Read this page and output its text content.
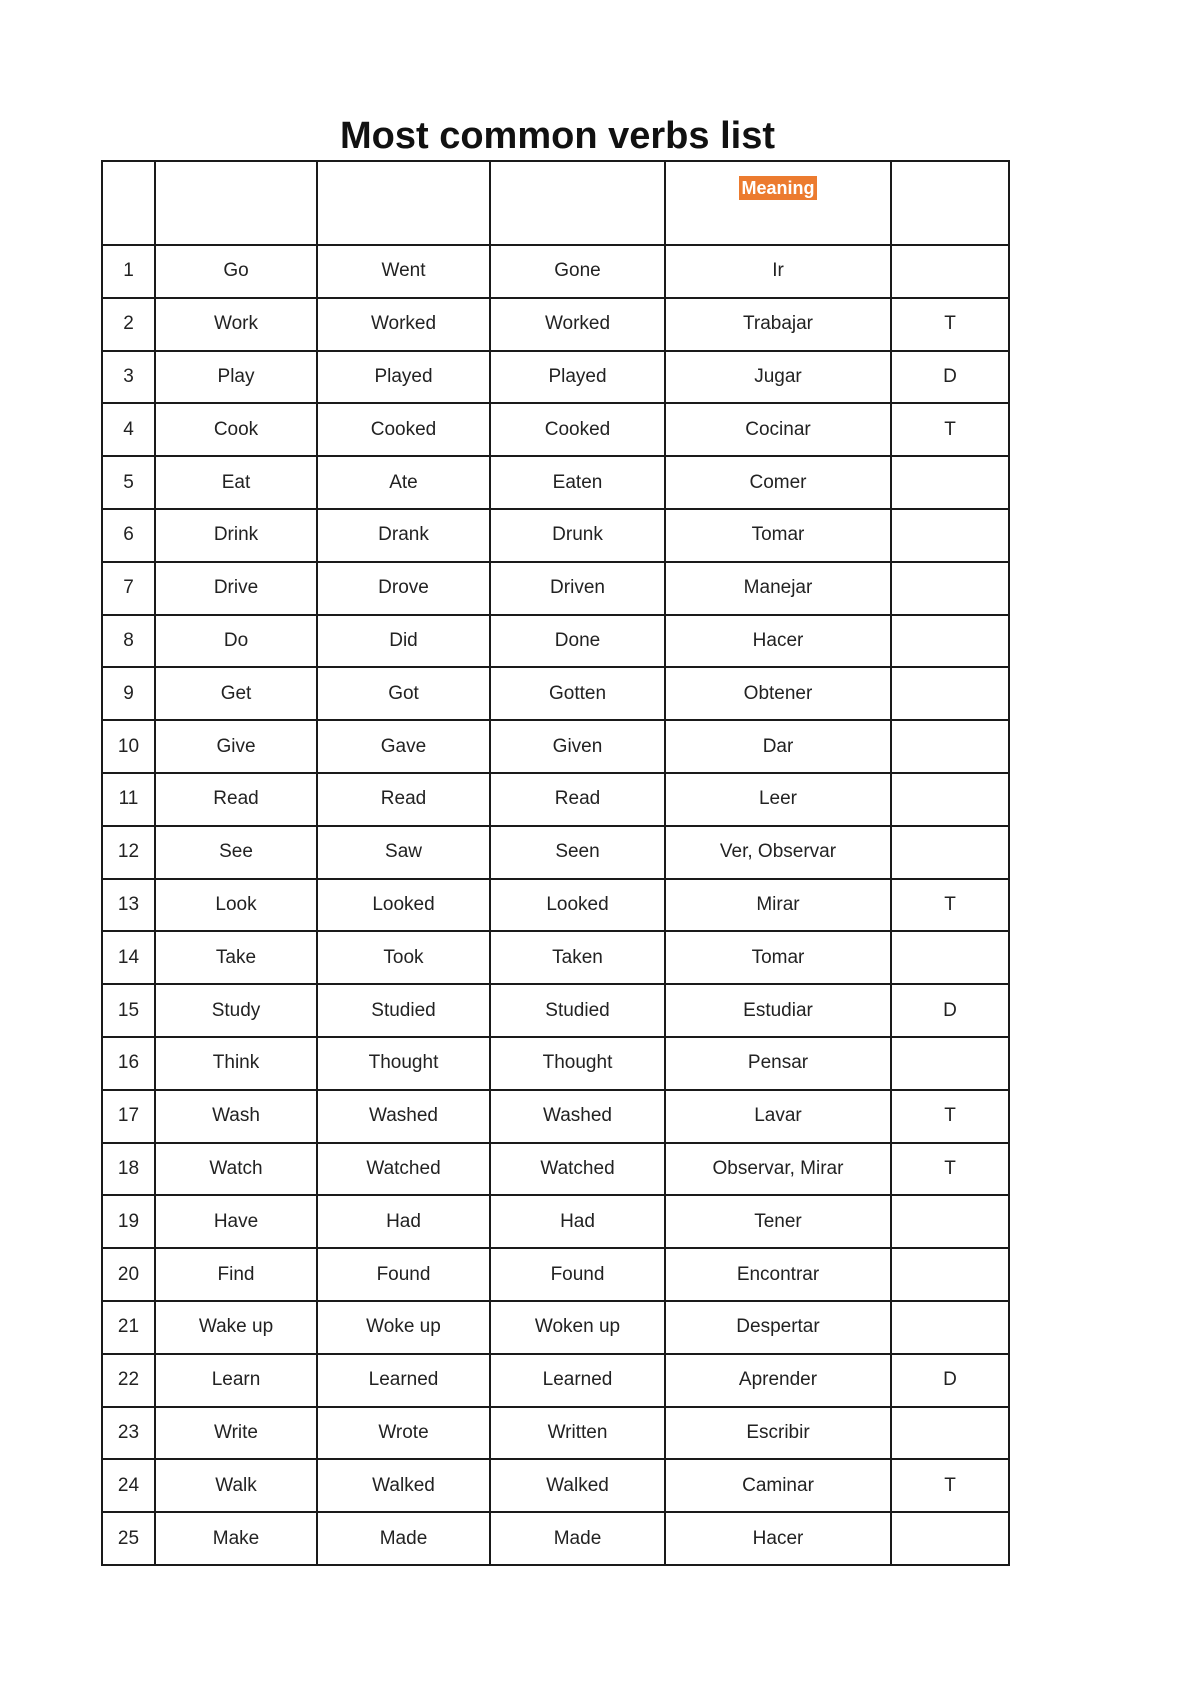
Most common verbs list
				Meaning	
1	Go	Went	Gone	Ir	
2	Work	Worked	Worked	Trabajar	T
3	Play	Played	Played	Jugar	D
4	Cook	Cooked	Cooked	Cocinar	T
5	Eat	Ate	Eaten	Comer	
6	Drink	Drank	Drunk	Tomar	
7	Drive	Drove	Driven	Manejar	
8	Do	Did	Done	Hacer	
9	Get	Got	Gotten	Obtener	
10	Give	Gave	Given	Dar	
11	Read	Read	Read	Leer	
12	See	Saw	Seen	Ver, Observar	
13	Look	Looked	Looked	Mirar	T
14	Take	Took	Taken	Tomar	
15	Study	Studied	Studied	Estudiar	D
16	Think	Thought	Thought	Pensar	
17	Wash	Washed	Washed	Lavar	T
18	Watch	Watched	Watched	Observar, Mirar	T
19	Have	Had	Had	Tener	
20	Find	Found	Found	Encontrar	
21	Wake up	Woke up	Woken up	Despertar	
22	Learn	Learned	Learned	Aprender	D
23	Write	Wrote	Written	Escribir	
24	Walk	Walked	Walked	Caminar	T
25	Make	Made	Made	Hacer	
